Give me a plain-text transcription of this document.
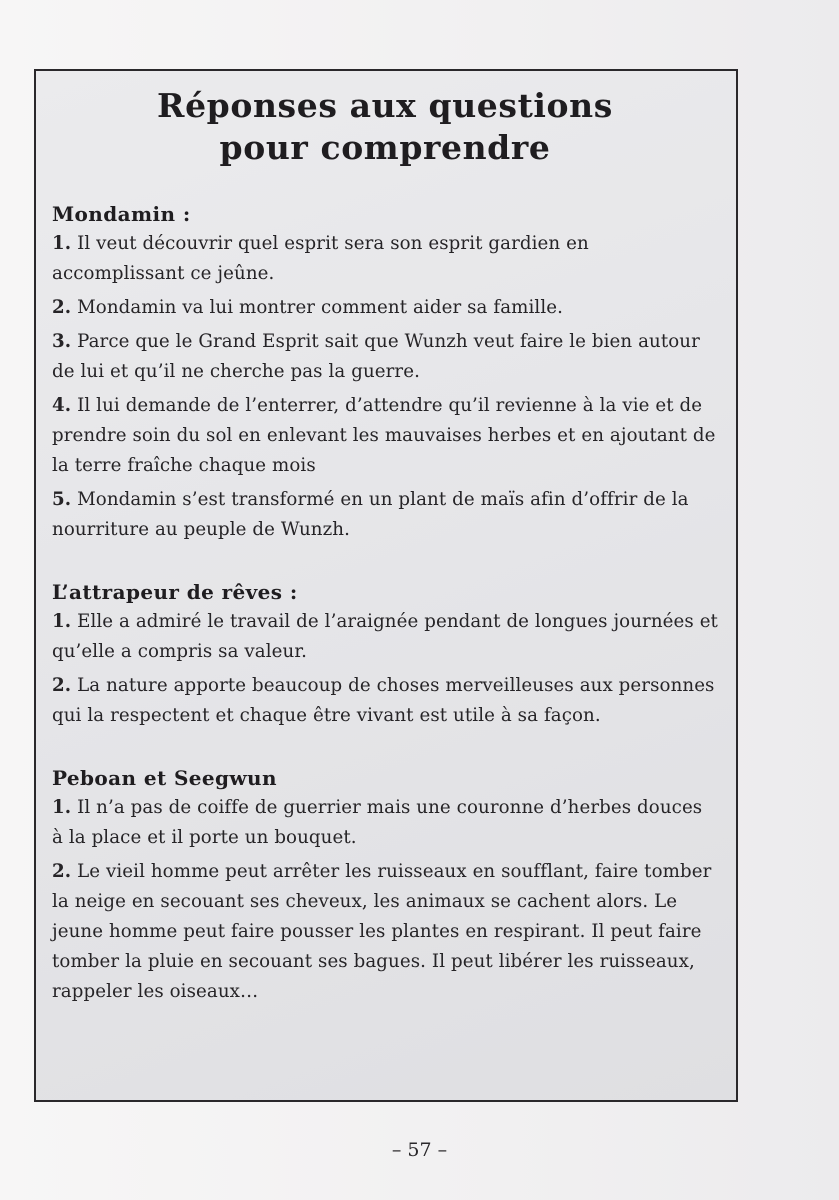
Réponses aux questions
pour comprendre
Mondamin :

1. Il veut découvrir quel esprit sera son esprit gardien en accomplissant ce jeûne.

2. Mondamin va lui montrer comment aider sa famille.

3. Parce que le Grand Esprit sait que Wunzh veut faire le bien autour de lui et qu’il ne cherche pas la guerre.

4. Il lui demande de l’enterrer, d’attendre qu’il revienne à la vie et de prendre soin du sol en enlevant les mauvaises herbes et en ajoutant de la terre fraîche chaque mois

5. Mondamin s’est transformé en un plant de maïs afin d’offrir de la nourriture au peuple de Wunzh.

L’attrapeur de rêves :

1. Elle a admiré le travail de l’araignée pendant de longues journées et qu’elle a compris sa valeur.

2. La nature apporte beaucoup de choses merveilleuses aux personnes qui la respectent et chaque être vivant est utile à sa façon.

Peboan et Seegwun

1. Il n’a pas de coiffe de guerrier mais une couronne d’herbes douces à la place et il porte un bouquet.

2. Le vieil homme peut arrêter les ruisseaux en soufflant, faire tomber la neige en secouant ses cheveux, les animaux se cachent alors. Le jeune homme peut faire pousser les plantes en respirant. Il peut faire tomber la pluie en secouant ses bagues. Il peut libérer les ruisseaux, rappeler les oiseaux…

– 57 –
